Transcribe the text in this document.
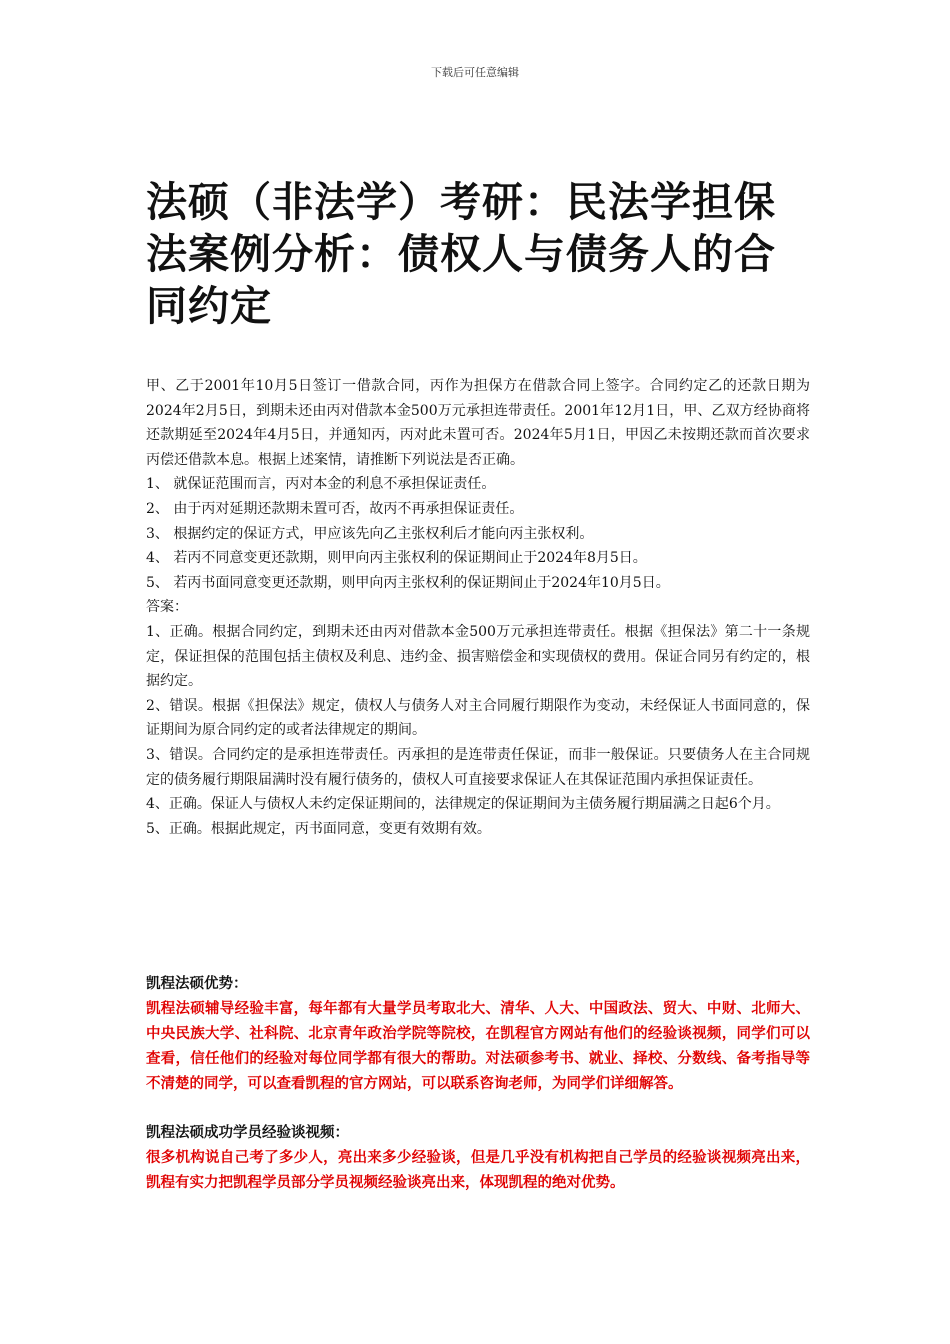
下载后可任意编辑
法硕（非法学）考研：民法学担保法案例分析：债权人与债务人的合同约定

甲、乙于2001年10月5日签订一借款合同，丙作为担保方在借款合同上签字。合同约定乙的还款日期为2024年2月5日，到期未还由丙对借款本金500万元承担连带责任。2001年12月1日，甲、乙双方经协商将还款期延至2024年4月5日，并通知丙，丙对此未置可否。2024年5月1日，甲因乙未按期还款而首次要求丙偿还借款本息。根据上述案情，请推断下列说法是否正确。

1、 就保证范围而言，丙对本金的利息不承担保证责任。

2、 由于丙对延期还款期未置可否，故丙不再承担保证责任。

3、 根据约定的保证方式，甲应该先向乙主张权利后才能向丙主张权利。

4、 若丙不同意变更还款期，则甲向丙主张权利的保证期间止于2024年8月5日。

5、 若丙书面同意变更还款期，则甲向丙主张权利的保证期间止于2024年10月5日。

答案：

1、正确。根据合同约定，到期未还由丙对借款本金500万元承担连带责任。根据《担保法》第二十一条规定，保证担保的范围包括主债权及利息、违约金、损害赔偿金和实现债权的费用。保证合同另有约定的，根据约定。

2、错误。根据《担保法》规定，债权人与债务人对主合同履行期限作为变动，未经保证人书面同意的，保证期间为原合同约定的或者法律规定的期间。

3、错误。合同约定的是承担连带责任。丙承担的是连带责任保证，而非一般保证。只要债务人在主合同规定的债务履行期限届满时没有履行债务的，债权人可直接要求保证人在其保证范围内承担保证责任。

4、正确。保证人与债权人未约定保证期间的，法律规定的保证期间为主债务履行期届满之日起6个月。

5、正确。根据此规定，丙书面同意，变更有效期有效。

凯程法硕优势：

凯程法硕辅导经验丰富，每年都有大量学员考取北大、清华、人大、中国政法、贸大、中财、北师大、中央民族大学、社科院、北京青年政治学院等院校，在凯程官方网站有他们的经验谈视频，同学们可以查看，信任他们的经验对每位同学都有很大的帮助。对法硕参考书、就业、择校、分数线、备考指导等不清楚的同学，可以查看凯程的官方网站，可以联系咨询老师，为同学们详细解答。

凯程法硕成功学员经验谈视频：

很多机构说自己考了多少人，亮出来多少经验谈，但是几乎没有机构把自己学员的经验谈视频亮出来，凯程有实力把凯程学员部分学员视频经验谈亮出来，体现凯程的绝对优势。
